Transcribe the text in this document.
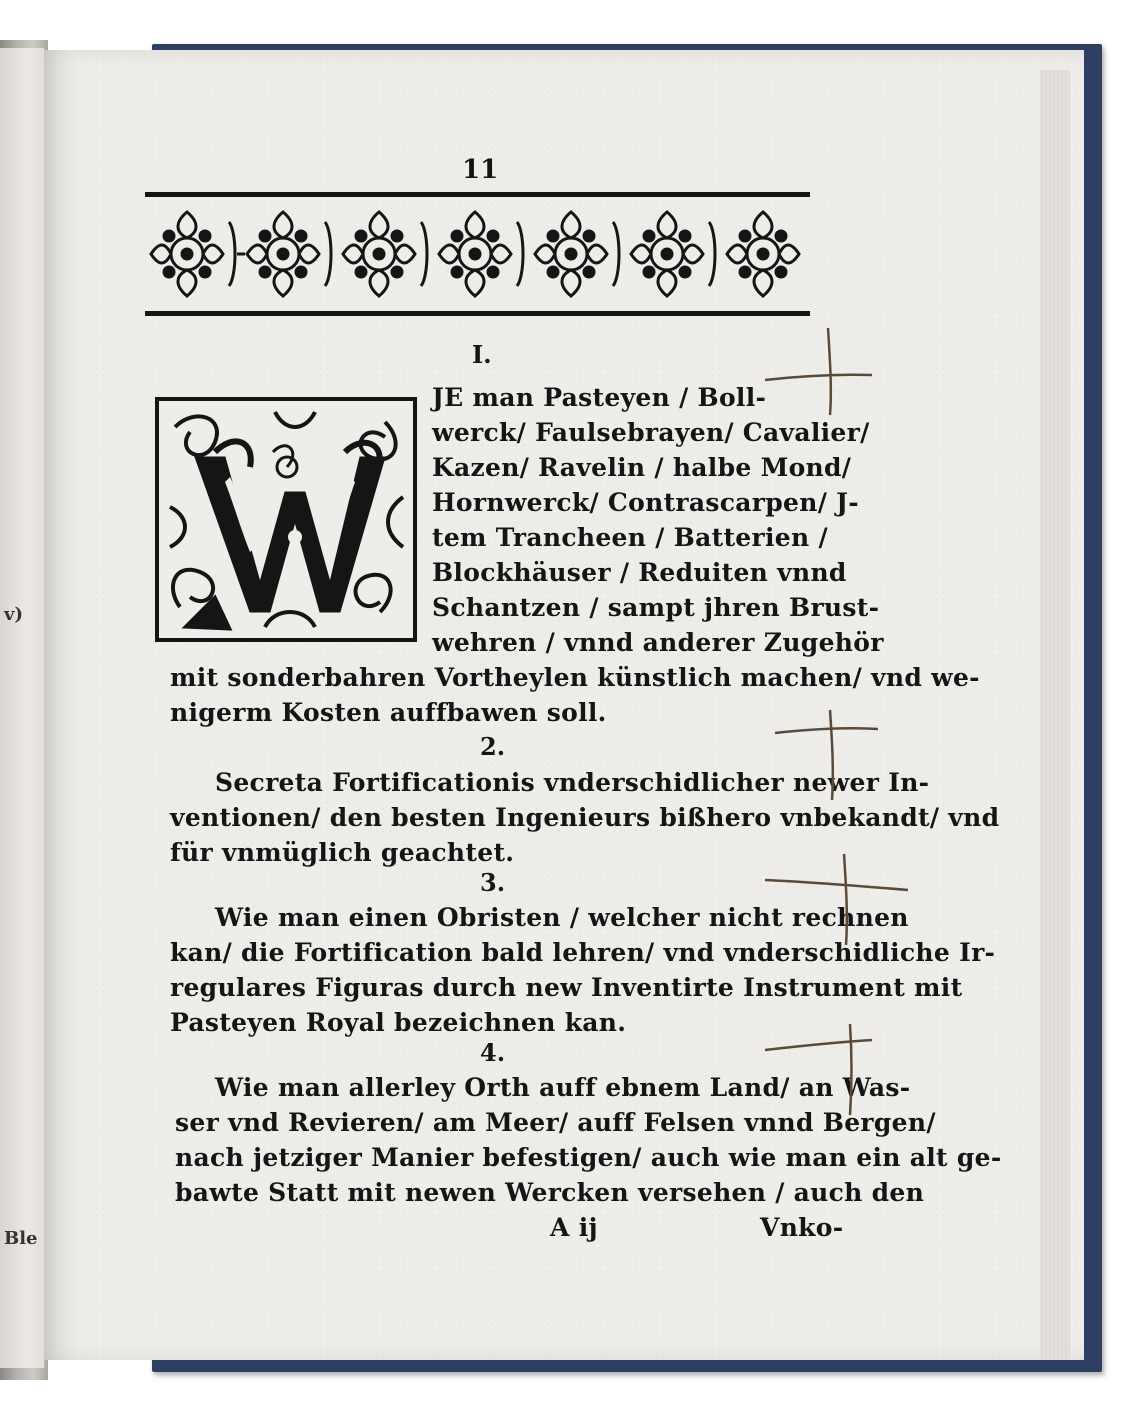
v)
Ble
11
I.
JE man Pasteyen / Boll-
werck/ Faulsebrayen/ Cavalier/
Kazen/ Ravelin / halbe Mond/
Hornwerck/ Contrascarpen/ J-
tem Trancheen / Batterien /
Blockhäuser / Reduiten vnnd
Schantzen / sampt jhren Brust-
wehren / vnnd anderer Zugehör
mit sonderbahren Vortheylen künstlich machen/ vnd we-
nigerm Kosten auffbawen soll.
2.
Secreta Fortificationis vnderschidlicher newer In-
ventionen/ den besten Ingenieurs bißhero vnbekandt/ vnd
für vnmüglich geachtet.
3.
Wie man einen Obristen / welcher nicht rechnen
kan/ die Fortification bald lehren/ vnd vnderschidliche Ir-
regulares Figuras durch new Inventirte Instrument mit
Pasteyen Royal bezeichnen kan.
4.
Wie man allerley Orth auff ebnem Land/ an Was-
ser vnd Revieren/ am Meer/ auff Felsen vnnd Bergen/
nach jetziger Manier befestigen/ auch wie man ein alt ge-
bawte Statt mit newen Wercken versehen / auch den
A ij	Vnko-
